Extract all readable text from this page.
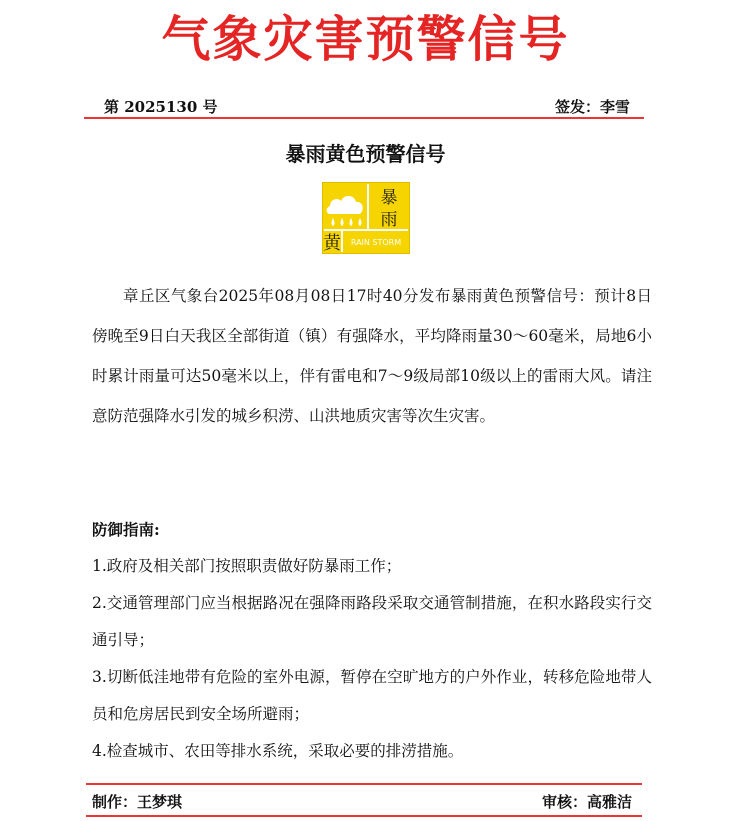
气象灾害预警信号
第 2025130 号	签发：李雪
暴雨黄色预警信号
暴
雨
黄 RAIN STORM

章丘区气象台2025年08月08日17时40分发布暴雨黄色预警信号：预计8日傍晚至9日白天我区全部街道（镇）有强降水，平均降雨量30～60毫米，局地6小时累计雨量可达50毫米以上，伴有雷电和7～9级局部10级以上的雷雨大风。请注意防范强降水引发的城乡积涝、山洪地质灾害等次生灾害。

防御指南:
1.政府及相关部门按照职责做好防暴雨工作；
2.交通管理部门应当根据路况在强降雨路段采取交通管制措施，在积水路段实行交通引导；
3.切断低洼地带有危险的室外电源，暂停在空旷地方的户外作业，转移危险地带人员和危房居民到安全场所避雨；
4.检查城市、农田等排水系统，采取必要的排涝措施。
制作：王梦琪	审核：高雅洁
